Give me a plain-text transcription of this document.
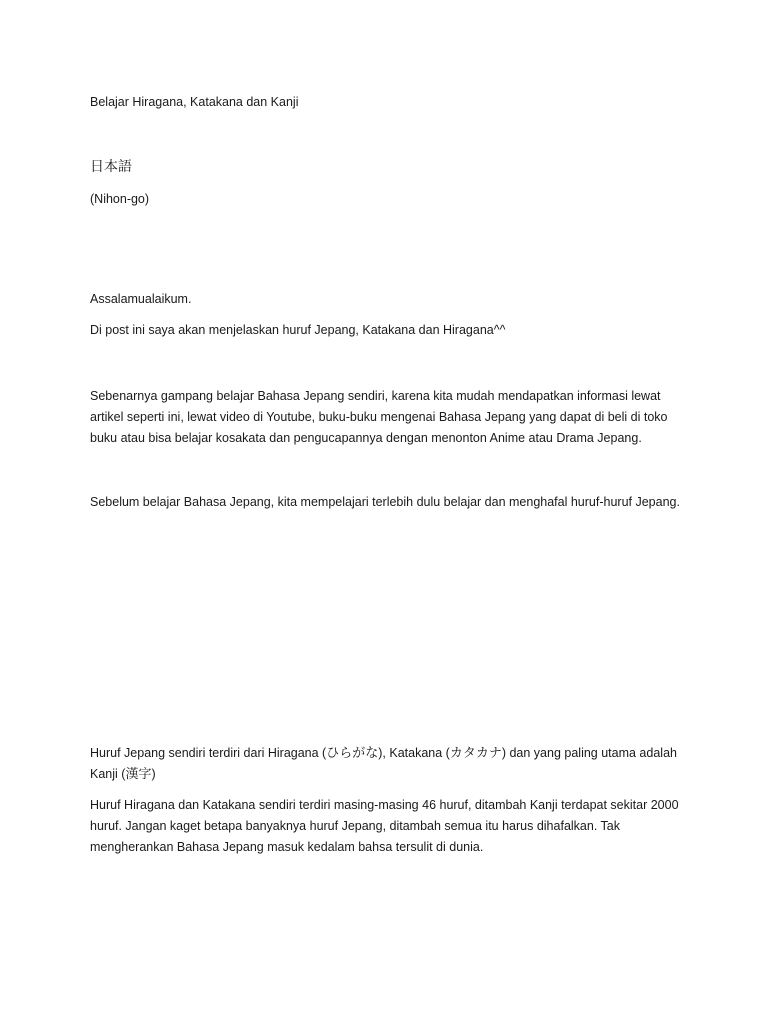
Belajar Hiragana, Katakana dan Kanji

日本語

(Nihon-go)

Assalamualaikum.

Di post ini saya akan menjelaskan huruf Jepang, Katakana dan Hiragana^^

Sebenarnya gampang belajar Bahasa Jepang sendiri, karena kita mudah mendapatkan informasi lewat artikel seperti ini, lewat video di Youtube, buku-buku mengenai Bahasa Jepang yang dapat di beli di toko buku atau bisa belajar kosakata dan pengucapannya dengan menonton Anime atau Drama Jepang.

Sebelum belajar Bahasa Jepang, kita mempelajari terlebih dulu belajar dan menghafal huruf-huruf Jepang.

Huruf Jepang sendiri terdiri dari Hiragana (ひらがな), Katakana (カタカナ) dan yang paling utama adalah Kanji (漢字)

Huruf Hiragana dan Katakana sendiri terdiri masing-masing 46 huruf, ditambah Kanji terdapat sekitar 2000 huruf. Jangan kaget betapa banyaknya huruf Jepang, ditambah semua itu harus dihafalkan. Tak mengherankan Bahasa Jepang masuk kedalam bahsa tersulit di dunia.
